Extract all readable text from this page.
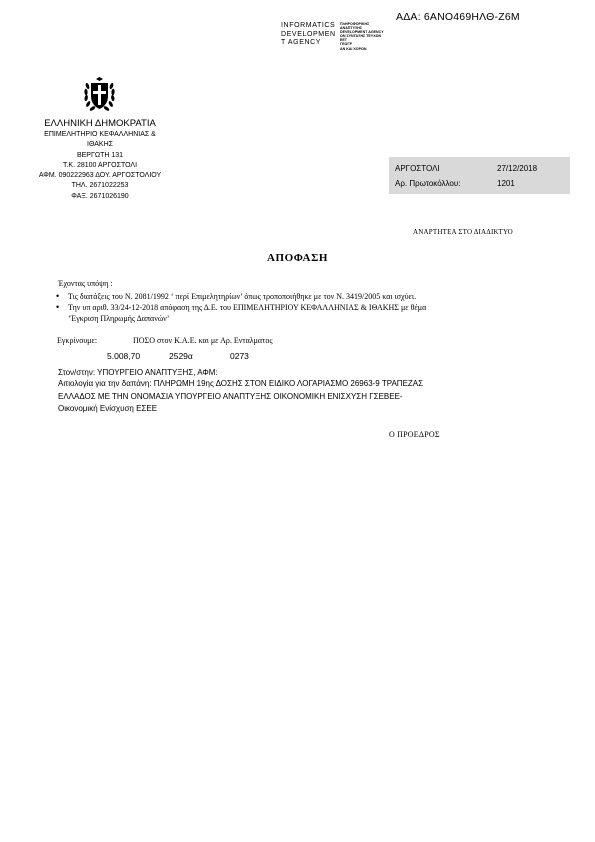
ΑΔΑ: 6ΑΝΟ469ΗΛΘ-Ζ6Μ
INFORMATICS
DEVELOPMEN
T AGENCY
ΠΛΗΡΟΦΟΡΙΚΗΣ
ΑΝΑΠΤΥΞΗΣ
DEVELOPMENT AGENCY
ΩΝ ΣΥΝΤΑΞΗΣ ΤΕΥΧΩΝ
ΕΕΤ
ΓΕΩΓΡ
ΑΝ ΚΑΙ ΧΟΡΩΝ
ΕΛΛΗΝΙΚΗ ΔΗΜΟΚΡΑΤΙΑ
ΕΠΙΜΕΛΗΤΗΡΙΟ ΚΕΦΑΛΛΗΝΙΑΣ &
ΙΘΑΚΗΣ
ΒΕΡΓΩΤΗ 131
Τ.Κ. 28100 ΑΡΓΟΣΤΟΛΙ
ΑΦΜ. 090222963 ΔΟΥ. ΑΡΓΟΣΤΟΛΙΟΥ
ΤΗΛ. 2671022253
ΦΑΞ. 2671026190
ΑΡΓΟΣΤΟΛΙ	27/12/2018
Αρ. Πρωτοκόλλου:	1201
ΑΝΑΡΤΗΤΕΑ ΣΤΟ ΔΙΑΔΙΚΤΥΟ
ΑΠΟΦΑΣΗ
Έχοντας υπόψη :
• Τις διατάξεις του Ν. 2081/1992 ‘ περί Επιμελητηρίων’ όπως τροποποιήθηκε με τον Ν. 3419/2005 και ισχύει.
• Την υπ αριθ. 33/24-12-2018 απόφαση της Δ.Ε. του ΕΠΙΜΕΛΗΤΗΡΙΟΥ ΚΕΦΑΛΛΗΝΙΑΣ & ΙΘΑΚΗΣ με θέμα
‘Έγκριση Πληρωμής Δαπανών’
Εγκρίνουμε:	ΠΟΣΟ στον Κ.Α.Ε. και με Αρ. Ενταλματος
5.008,70	2529α	0273
Στον/στην: ΥΠΟΥΡΓΕΙΟ ΑΝΑΠΤΥΞΗΣ, ΑΦΜ:
Αιτιολογία για την δαπάνη: ΠΛΗΡΩΜΗ 19ης ΔΟΣΗΣ ΣΤΟΝ ΕΙΔΙΚΟ ΛΟΓΑΡΙΑΣΜΟ 26963-9 ΤΡΑΠΕΖΑΣ
ΕΛΛΑΔΟΣ ΜΕ ΤΗΝ ΟΝΟΜΑΣΙΑ ΥΠΟΥΡΓΕΙΟ ΑΝΑΠΤΥΞΗΣ ΟΙΚΟΝΟΜΙΚΗ ΕΝΙΣΧΥΣΗ ΓΣΕΒΕΕ-
Οικονομική Ενίσχυση ΕΣΕΕ
Ο ΠΡΟΕΔΡΟΣ
